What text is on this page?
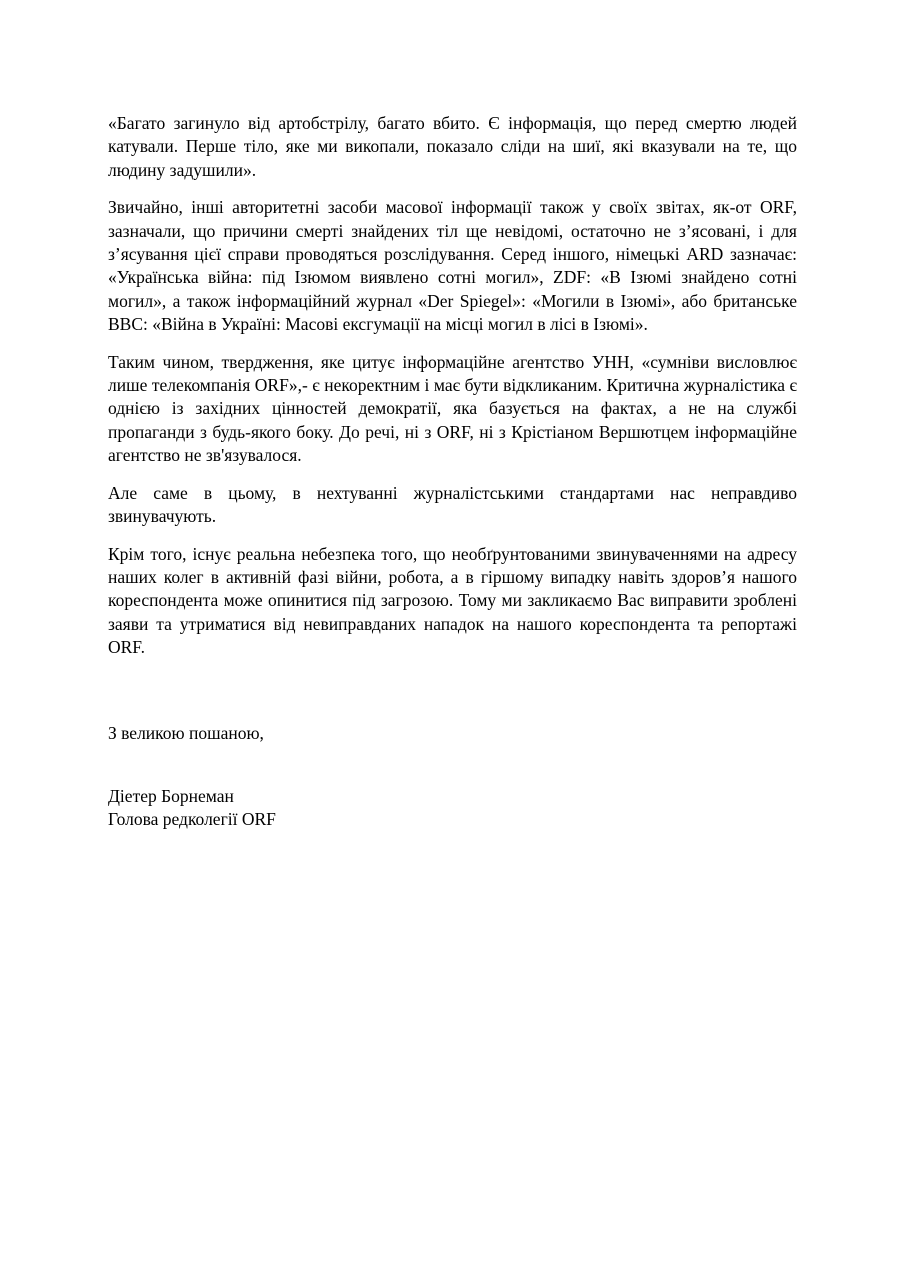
«Багато загинуло від артобстрілу, багато вбито. Є інформація, що перед смертю людей катували. Перше тіло, яке ми викопали, показало сліди на шиї, які вказували на те, що людину задушили».

Звичайно, інші авторитетні засоби масової інформації також у своїх звітах, як-от ORF, зазначали, що причини смерті знайдених тіл ще невідомі, остаточно не з’ясовані, і для з’ясування цієї справи проводяться розслідування. Серед іншого, німецькі ARD зазначає: «Українська війна: під Ізюмом виявлено сотні могил», ZDF: «В Ізюмі знайдено сотні могил», а також інформаційний журнал «Der Spiegel»: «Могили в Ізюмі», або британське BBC: «Війна в Україні: Масові ексгумації на місці могил в лісі в Ізюмі».

Таким чином, твердження, яке цитує інформаційне агентство УНН, «сумніви висловлює лише телекомпанія ORF»,- є некоректним і має бути відкликаним. Критична журналістика є однією із західних цінностей демократії, яка базується на фактах, а не на службі пропаганди з будь-якого боку. До речі, ні з ORF, ні з Крістіаном Вершютцем інформаційне агентство не зв'язувалося.

Але саме в цьому, в нехтуванні журналістськими стандартами нас неправдиво звинувачують.

Крім того, існує реальна небезпека того, що необґрунтованими звинуваченнями на адресу наших колег в активній фазі війни, робота, а в гіршому випадку навіть здоров’я нашого кореспондента може опинитися під загрозою. Тому ми закликаємо Вас виправити зроблені заяви та утриматися від невиправданих нападок на нашого кореспондента та репортажі ORF.

З великою пошаною,

Діетер Борнеман

Голова редколегії ORF
